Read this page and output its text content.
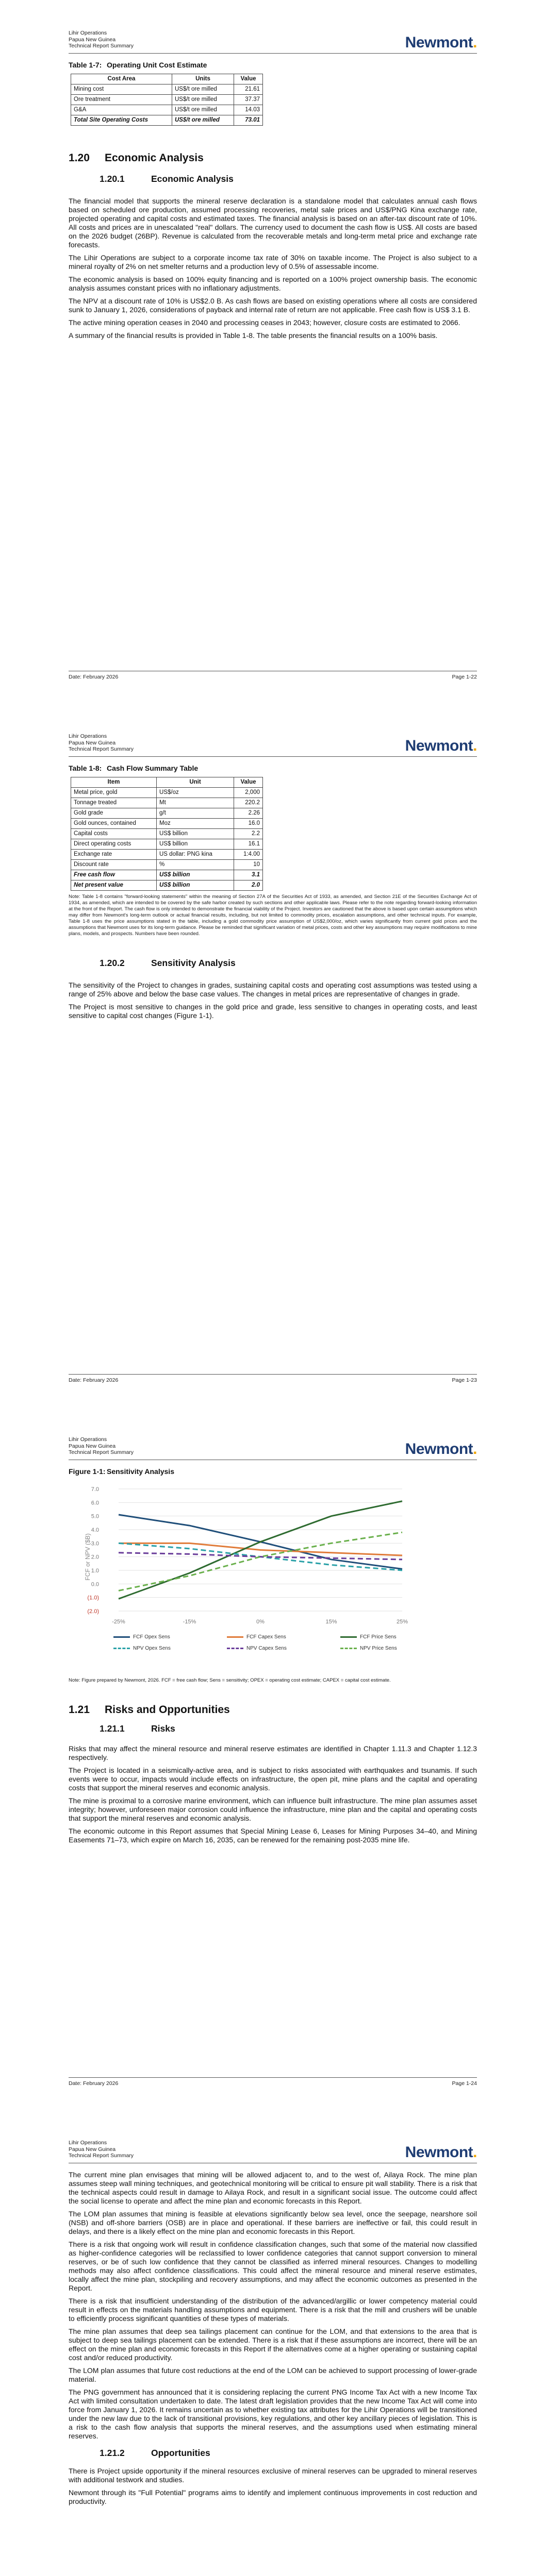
Lihir Operations
Papua New Guinea
Technical Report Summary	Newmont.
Table 1-7: Operating Unit Cost Estimate
Cost Area	Units	Value
Mining cost	US$/t ore milled	21.61
Ore treatment	US$/t ore milled	37.37
G&A	US$/t ore milled	14.03
Total Site Operating Costs	US$/t ore milled	73.01
1.20 Economic Analysis
1.20.1	Economic Analysis

The financial model that supports the mineral reserve declaration is a standalone model that calculates annual cash flows based on scheduled ore production, assumed processing recoveries, metal sale prices and US$/PNG Kina exchange rate, projected operating and capital costs and estimated taxes. The financial analysis is based on an after-tax discount rate of 10%. All costs and prices are in unescalated "real" dollars. The currency used to document the cash flow is US$. All costs are based on the 2026 budget (26BP). Revenue is calculated from the recoverable metals and long-term metal price and exchange rate forecasts.

The Lihir Operations are subject to a corporate income tax rate of 30% on taxable income. The Project is also subject to a mineral royalty of 2% on net smelter returns and a production levy of 0.5% of assessable income.

The economic analysis is based on 100% equity financing and is reported on a 100% project ownership basis. The economic analysis assumes constant prices with no inflationary adjustments.

The NPV at a discount rate of 10% is US$2.0 B. As cash flows are based on existing operations where all costs are considered sunk to January 1, 2026, considerations of payback and internal rate of return are not applicable. Free cash flow is US$ 3.1 B.

The active mining operation ceases in 2040 and processing ceases in 2043; however, closure costs are estimated to 2066.

A summary of the financial results is provided in Table 1-8. The table presents the financial results on a 100% basis.

Date: February 2026	Page 1-22
Lihir Operations
Papua New Guinea
Technical Report Summary	Newmont.
Table 1-8: Cash Flow Summary Table
Item	Unit	Value
Metal price, gold	US$/oz	2,000
Tonnage treated	Mt	220.2
Gold grade	g/t	2.26
Gold ounces, contained	Moz	16.0
Capital costs	US$ billion	2.2
Direct operating costs	US$ billion	16.1
Exchange rate	US dollar: PNG kina	1:4.00
Discount rate	%	10
Free cash flow	US$ billion	3.1
Net present value	US$ billion	2.0
Note: Table 1-8 contains "forward-looking statements" within the meaning of Section 27A of the Securities Act of 1933, as amended, and Section 21E of the Securities Exchange Act of 1934, as amended, which are intended to be covered by the safe harbor created by such sections and other applicable laws. Please refer to the note regarding forward-looking information at the front of the Report. The cash flow is only intended to demonstrate the financial viability of the Project. Investors are cautioned that the above is based upon certain assumptions which may differ from Newmont's long-term outlook or actual financial results, including, but not limited to commodity prices, escalation assumptions, and other technical inputs. For example, Table 1-8 uses the price assumptions stated in the table, including a gold commodity price assumption of US$2,000/oz, which varies significantly from current gold prices and the assumptions that Newmont uses for its long-term guidance. Please be reminded that significant variation of metal prices, costs and other key assumptions may require modifications to mine plans, models, and prospects. Numbers have been rounded.
1.20.2	Sensitivity Analysis

The sensitivity of the Project to changes in grades, sustaining capital costs and operating cost assumptions was tested using a range of 25% above and below the base case values. The changes in metal prices are representative of changes in grade.

The Project is most sensitive to changes in the gold price and grade, less sensitive to changes in operating costs, and least sensitive to capital cost changes (Figure 1-1).

Date: February 2026	Page 1-23
Lihir Operations
Papua New Guinea
Technical Report Summary	Newmont.
Figure 1-1: Sensitivity Analysis
7.0
6.0
5.0
4.0
3.0
2.0
1.0
0.0
(1.0)
(2.0)
-25%	-15%	0%	15%	25%
FCF or NPV ($B)
FCF Opex Sens	FCF Capex Sens	FCF Price Sens
NPV Opex Sens	NPV Capex Sens	NPV Price Sens
Note: Figure prepared by Newmont, 2026. FCF = free cash flow; Sens = sensitivity; OPEX = operating cost estimate; CAPEX = capital cost estimate.
1.21 Risks and Opportunities
1.21.1	Risks

Risks that may affect the mineral resource and mineral reserve estimates are identified in Chapter 1.11.3 and Chapter 1.12.3 respectively.

The Project is located in a seismically-active area, and is subject to risks associated with earthquakes and tsunamis. If such events were to occur, impacts would include effects on infrastructure, the open pit, mine plans and the capital and operating costs that support the mineral reserves and economic analysis.

The mine is proximal to a corrosive marine environment, which can influence built infrastructure. The mine plan assumes asset integrity; however, unforeseen major corrosion could influence the infrastructure, mine plan and the capital and operating costs that support the mineral reserves and economic analysis.

The economic outcome in this Report assumes that Special Mining Lease 6, Leases for Mining Purposes 34–40, and Mining Easements 71–73, which expire on March 16, 2035, can be renewed for the remaining post-2035 mine life.

Date: February 2026	Page 1-24
Lihir Operations
Papua New Guinea
Technical Report Summary	Newmont.

The current mine plan envisages that mining will be allowed adjacent to, and to the west of, Ailaya Rock. The mine plan assumes steep wall mining techniques, and geotechnical monitoring will be critical to ensure pit wall stability. There is a risk that the technical aspects could result in damage to Ailaya Rock, and result in a significant social issue. The outcome could affect the social license to operate and affect the mine plan and economic forecasts in this Report.

The LOM plan assumes that mining is feasible at elevations significantly below sea level, once the seepage, nearshore soil (NSB) and off-shore barriers (OSB) are in place and operational. If these barriers are ineffective or fail, this could result in delays, and there is a likely effect on the mine plan and economic forecasts in this Report.

There is a risk that ongoing work will result in confidence classification changes, such that some of the material now classified as higher-confidence categories will be reclassified to lower confidence categories that cannot support conversion to mineral reserves, or be of such low confidence that they cannot be classified as inferred mineral resources. Changes to modelling methods may also affect confidence classifications. This could affect the mineral resource and mineral reserve estimates, locally affect the mine plan, stockpiling and recovery assumptions, and may affect the economic outcomes as presented in the Report.

There is a risk that insufficient understanding of the distribution of the advanced/argillic or lower competency material could result in effects on the materials handling assumptions and equipment. There is a risk that the mill and crushers will be unable to efficiently process significant quantities of these types of materials.

The mine plan assumes that deep sea tailings placement can continue for the LOM, and that extensions to the area that is subject to deep sea tailings placement can be extended. There is a risk that if these assumptions are incorrect, there will be an effect on the mine plan and economic forecasts in this Report if the alternatives come at a higher operating or sustaining capital cost and/or reduced productivity.

The LOM plan assumes that future cost reductions at the end of the LOM can be achieved to support processing of lower-grade material.

The PNG government has announced that it is considering replacing the current PNG Income Tax Act with a new Income Tax Act with limited consultation undertaken to date. The latest draft legislation provides that the new Income Tax Act will come into force from January 1, 2026. It remains uncertain as to whether existing tax attributes for the Lihir Operations will be transitioned under the new law due to the lack of transitional provisions, key regulations, and other key ancillary pieces of legislation. This is a risk to the cash flow analysis that supports the mineral reserves, and the assumptions used when estimating mineral reserves.

1.21.2	Opportunities

There is Project upside opportunity if the mineral resources exclusive of mineral reserves can be upgraded to mineral reserves with additional testwork and studies.

Newmont through its "Full Potential" programs aims to identify and implement continuous improvements in cost reduction and productivity.
